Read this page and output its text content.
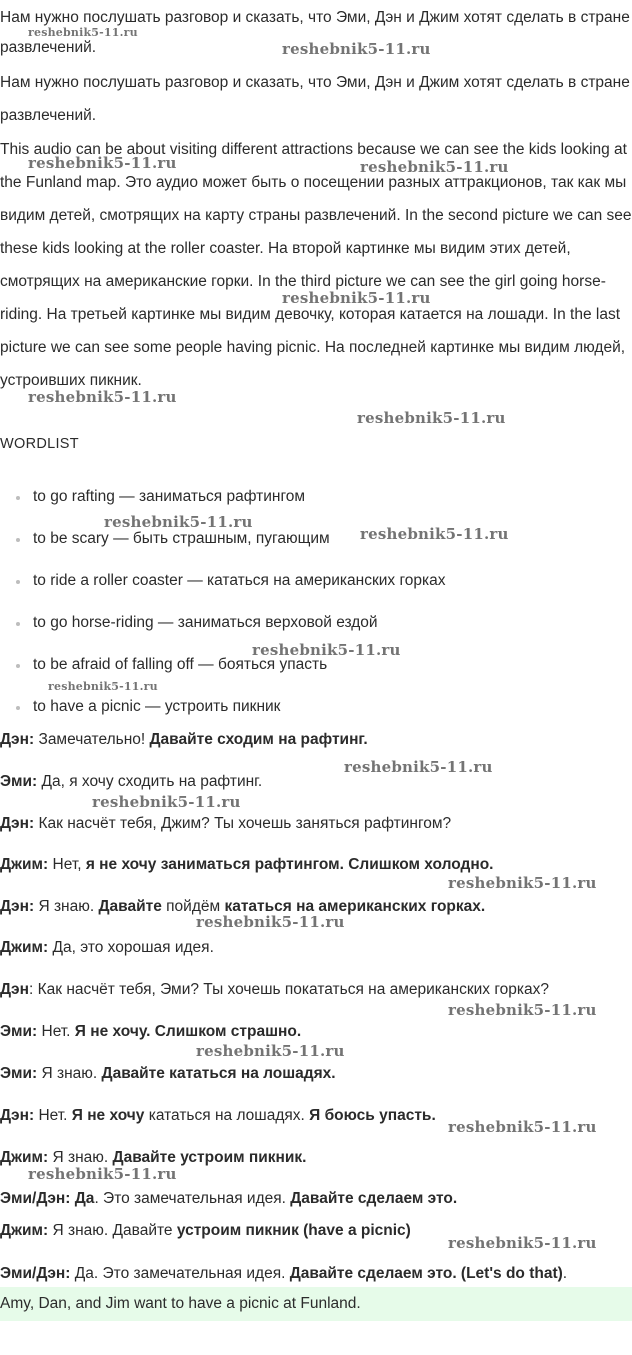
Нам нужно послушать разговор и сказать, что Эми, Дэн и Джим хотят сделать в стране развлечений.

Нам нужно послушать разговор и сказать, что Эми, Дэн и Джим хотят сделать в стране развлечений.

This audio can be about visiting different attractions because we can see the kids looking at the Funland map. Это аудио может быть о посещении разных аттракционов, так как мы видим детей, смотрящих на карту страны развлечений. In the second picture we can see these kids looking at the roller coaster. На второй картинке мы видим этих детей, смотрящих на американские горки. In the third picture we can see the girl going horse-riding. На третьей картинке мы видим девочку, которая катается на лошади. In the last picture we can see some people having picnic. На последней картинке мы видим людей, устроивших пикник.

WORDLIST
to go rafting — заниматься рафтингом
to be scary — быть страшным, пугающим
to ride a roller coaster — кататься на американских горках
to go horse-riding — заниматься верховой ездой
to be afraid of falling off — бояться упасть
to have a picnic — устроить пикник
Дэн: Замечательно! Давайте сходим на рафтинг.
Эми: Да, я хочу сходить на рафтинг.
Дэн: Как насчёт тебя, Джим? Ты хочешь заняться рафтингом?
Джим: Нет, я не хочу заниматься рафтингом. Слишком холодно.
Дэн: Я знаю. Давайте пойдём кататься на американских горках.
Джим: Да, это хорошая идея.
Дэн: Как насчёт тебя, Эми? Ты хочешь покататься на американских горках?
Эми: Нет. Я не хочу. Слишком страшно.
Эми: Я знаю. Давайте кататься на лошадях.
Дэн: Нет. Я не хочу кататься на лошадях. Я боюсь упасть.
Джим: Я знаю. Давайте устроим пикник.
Эми/Дэн: Да. Это замечательная идея. Давайте сделаем это.
Джим: Я знаю. Давайте устроим пикник (have a picnic)
Эми/Дэн: Да. Это замечательная идея. Давайте сделаем это. (Let's do that).
Amy, Dan, and Jim want to have a picnic at Funland.
reshebnik5-11.ru
reshebnik5-11.ru
reshebnik5-11.ru	reshebnik5-11.ru
reshebnik5-11.ru
reshebnik5-11.ru
reshebnik5-11.ru
reshebnik5-11.ru
reshebnik5-11.ru
reshebnik5-11.ru
reshebnik5-11.ru
reshebnik5-11.ru
reshebnik5-11.ru
reshebnik5-11.ru
reshebnik5-11.ru
reshebnik5-11.ru
reshebnik5-11.ru
reshebnik5-11.ru
reshebnik5-11.ru
reshebnik5-11.ru
